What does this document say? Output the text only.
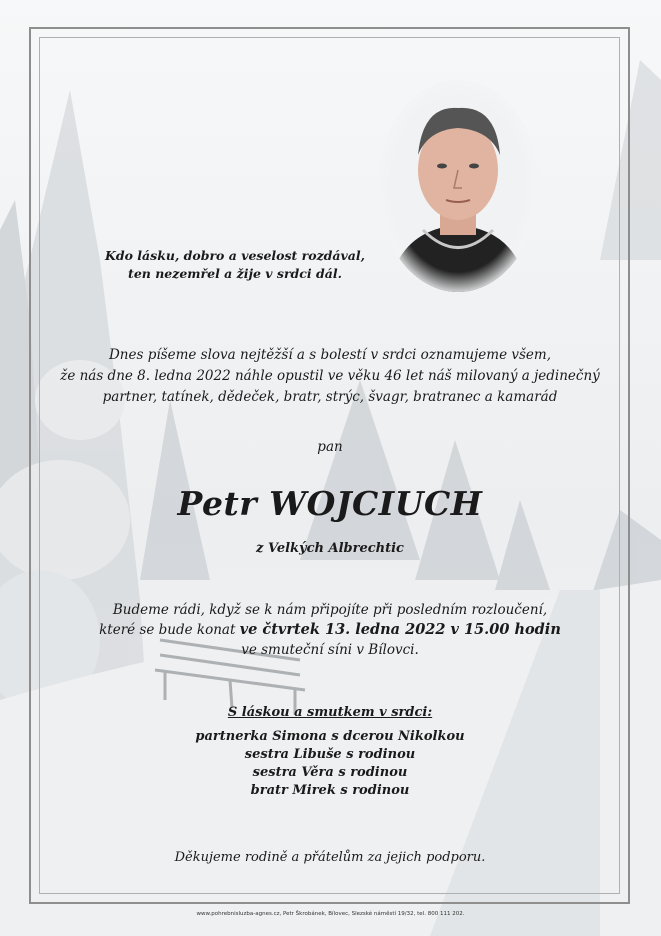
Kdo lásku, dobro a veselost rozdával,
ten nezemřel a žije v srdci dál.
Dnes píšeme slova nejtěžší a s bolestí v srdci oznamujeme všem,
že nás dne 8. ledna 2022 náhle opustil ve věku 46 let náš milovaný a jedinečný
partner, tatínek, dědeček, bratr, strýc, švagr, bratranec a kamarád
pan
Petr WOJCIUCH
z Velkých Albrechtic
Budeme rádi, když se k nám připojíte při posledním rozloučení,
které se bude konat ve čtvrtek 13. ledna 2022 v 15.00 hodin
ve smuteční síni v Bílovci.
S láskou a smutkem v srdci:
partnerka Simona s dcerou Nikolkou
sestra Libuše s rodinou
sestra Věra s rodinou
bratr Mirek s rodinou
Děkujeme rodině a přátelům za jejich podporu.
www.pohrebnisluzba-agnes.cz, Petr Škrobánek, Bílovec, Slezské náměstí 19/32, tel. 800 111 202.
